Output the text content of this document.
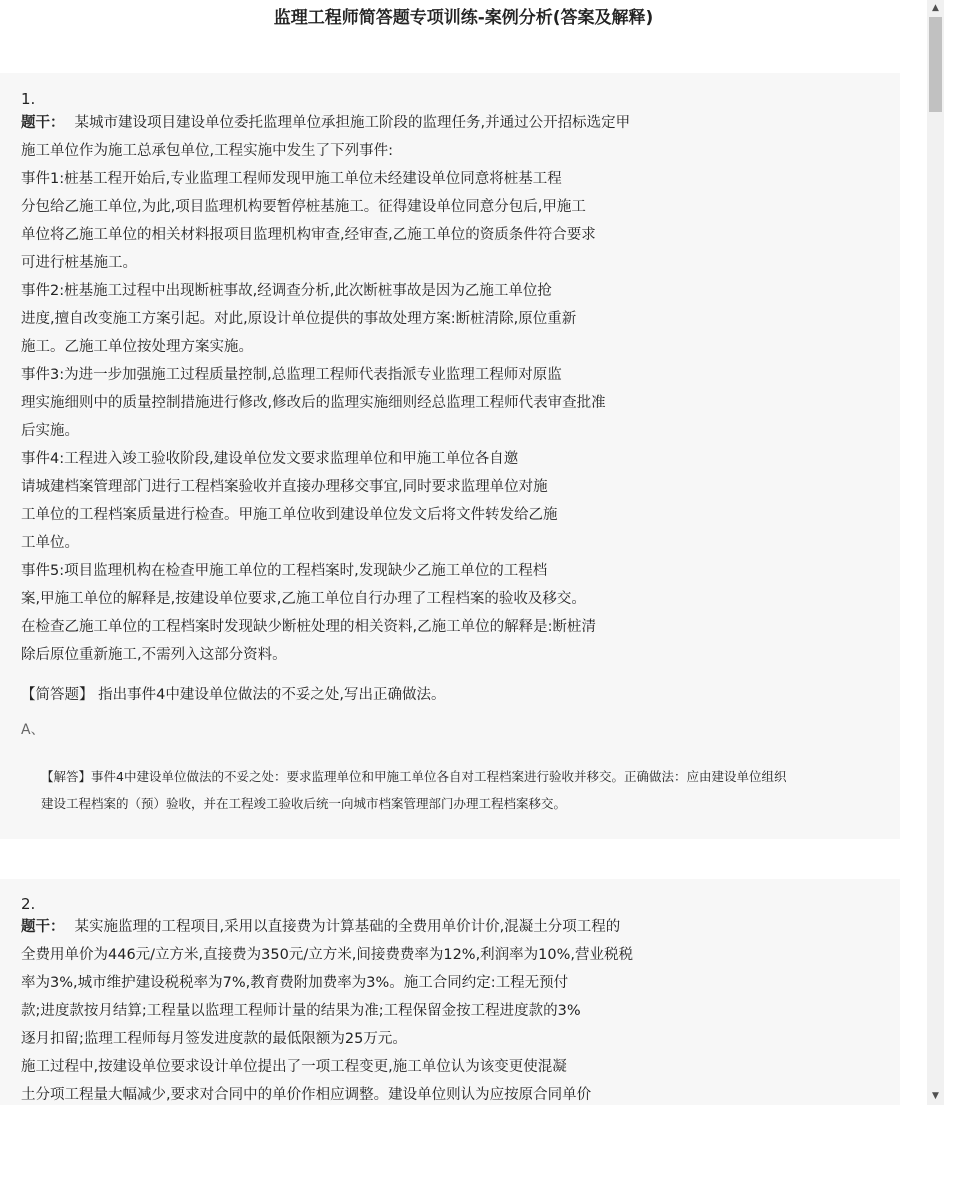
监理工程师简答题专项训练-案例分析(答案及解释)
1.
题干： 某城市建设项目建设单位委托监理单位承担施工阶段的监理任务,并通过公开招标选定甲
施工单位作为施工总承包单位,工程实施中发生了下列事件:
事件1:桩基工程开始后,专业监理工程师发现甲施工单位未经建设单位同意将桩基工程
分包给乙施工单位,为此,项目监理机构要暂停桩基施工。征得建设单位同意分包后,甲施工
单位将乙施工单位的相关材料报项目监理机构审查,经审查,乙施工单位的资质条件符合要求
可进行桩基施工。
事件2:桩基施工过程中出现断桩事故,经调查分析,此次断桩事故是因为乙施工单位抢
进度,擅自改变施工方案引起。对此,原设计单位提供的事故处理方案:断桩清除,原位重新
施工。乙施工单位按处理方案实施。
事件3:为进一步加强施工过程质量控制,总监理工程师代表指派专业监理工程师对原监
理实施细则中的质量控制措施进行修改,修改后的监理实施细则经总监理工程师代表审查批准
后实施。
事件4:工程进入竣工验收阶段,建设单位发文要求监理单位和甲施工单位各自邀
请城建档案管理部门进行工程档案验收并直接办理移交事宜,同时要求监理单位对施
工单位的工程档案质量进行检查。甲施工单位收到建设单位发文后将文件转发给乙施
工单位。
事件5:项目监理机构在检查甲施工单位的工程档案时,发现缺少乙施工单位的工程档
案,甲施工单位的解释是,按建设单位要求,乙施工单位自行办理了工程档案的验收及移交。
在检查乙施工单位的工程档案时发现缺少断桩处理的相关资料,乙施工单位的解释是:断桩清
除后原位重新施工,不需列入这部分资料。
【简答题】 指出事件4中建设单位做法的不妥之处,写出正确做法。
A、
【解答】事件4中建设单位做法的不妥之处：要求监理单位和甲施工单位各自对工程档案进行验收并移交。正确做法：应由建设单位组织
建设工程档案的（预）验收，并在工程竣工验收后统一向城市档案管理部门办理工程档案移交。
2.
题干： 某实施监理的工程项目,采用以直接费为计算基础的全费用单价计价,混凝土分项工程的
全费用单价为446元/立方米,直接费为350元/立方米,间接费费率为12%,利润率为10%,营业税税
率为3%,城市维护建设税税率为7%,教育费附加费率为3%。施工合同约定:工程无预付
款;进度款按月结算;工程量以监理工程师计量的结果为准;工程保留金按工程进度款的3%
逐月扣留;监理工程师每月签发进度款的最低限额为25万元。
施工过程中,按建设单位要求设计单位提出了一项工程变更,施工单位认为该变更使混凝
土分项工程量大幅减少,要求对合同中的单价作相应调整。建设单位则认为应按原合同单价
▲
▼
